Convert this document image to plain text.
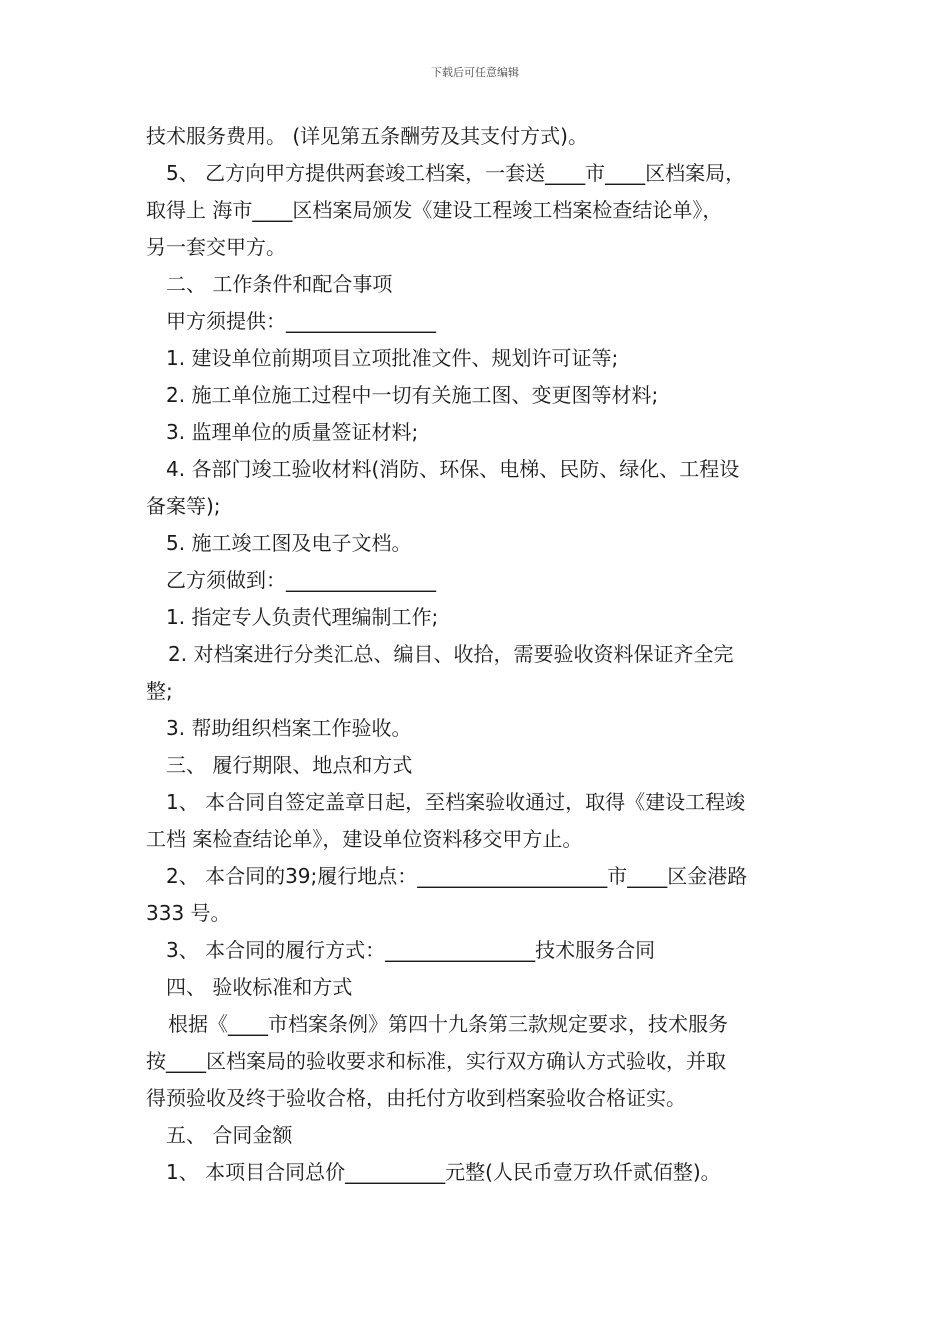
下载后可任意编辑
技术服务费用。 (详见第五条酬劳及其支付方式)。
5、 乙方向甲方提供两套竣工档案，一套送____市____区档案局，
取得上 海市____区档案局颁发《建设工程竣工档案检查结论单》，
另一套交甲方。
二、 工作条件和配合事项
甲方须提供：_______________
1. 建设单位前期项目立项批准文件、规划许可证等;
2. 施工单位施工过程中一切有关施工图、变更图等材料;
3. 监理单位的质量签证材料;
4. 各部门竣工验收材料(消防、环保、电梯、民防、绿化、工程设
备案等);
5. 施工竣工图及电子文档。
乙方须做到：_______________
1. 指定专人负责代理编制工作;
2. 对档案进行分类汇总、编目、收拾，需要验收资料保证齐全完
整;
3. 帮助组织档案工作验收。
三、 履行期限、地点和方式
1、 本合同自签定盖章日起，至档案验收通过，取得《建设工程竣
工档 案检查结论单》，建设单位资料移交甲方止。
2、 本合同的39;履行地点：___________________市____区金港路
333 号。
3、 本合同的履行方式：_______________技术服务合同
四、 验收标准和方式
根据《____市档案条例》第四十九条第三款规定要求，技术服务
按____区档案局的验收要求和标准，实行双方确认方式验收，并取
得预验收及终于验收合格，由托付方收到档案验收合格证实。
五、 合同金额
1、 本项目合同总价__________元整(人民币壹万玖仟贰佰整)。
